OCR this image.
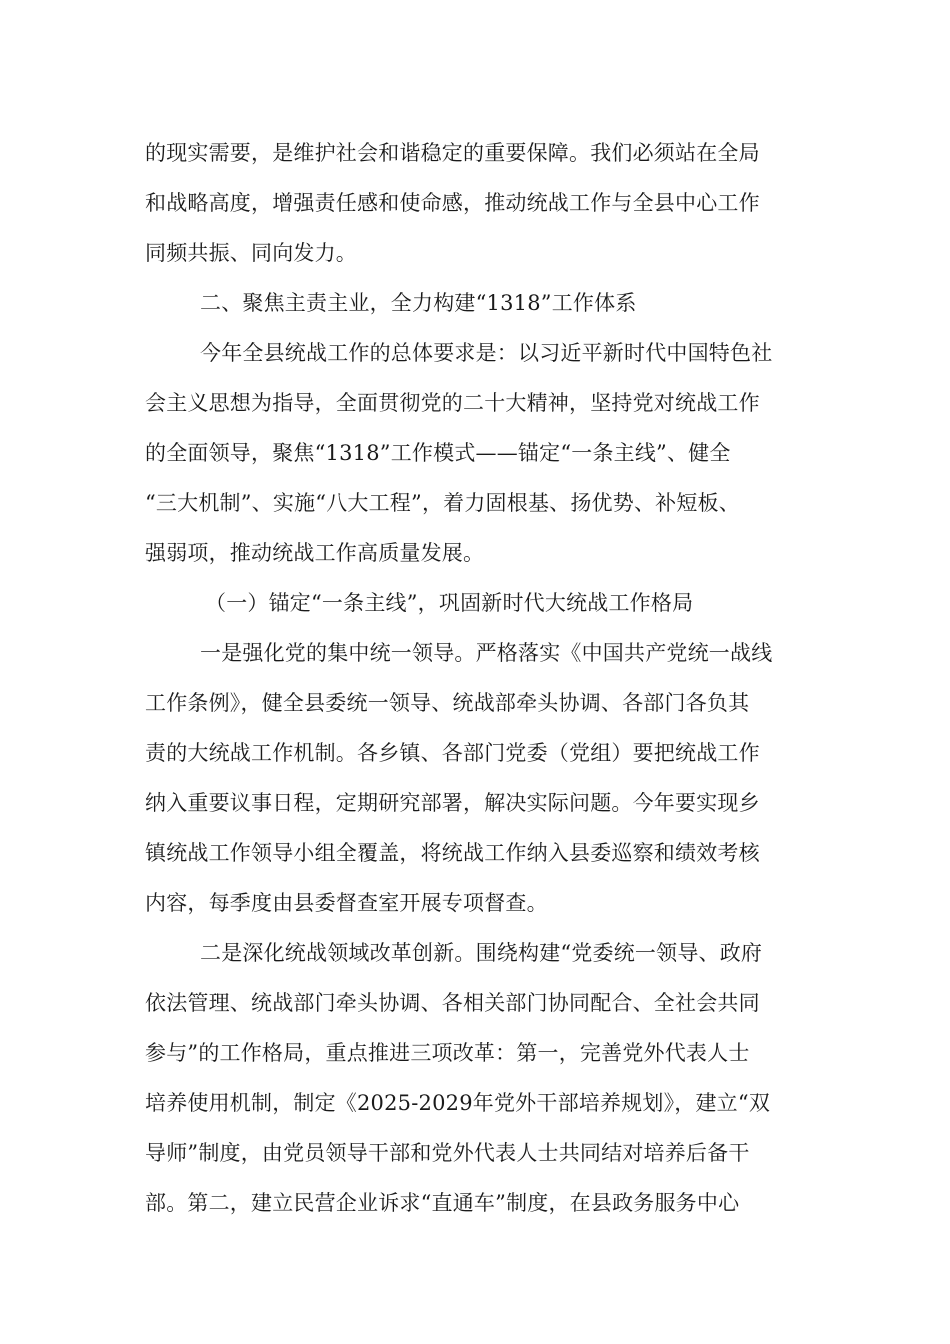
的现实需要，是维护社会和谐稳定的重要保障。我们必须站在全局
和战略高度，增强责任感和使命感，推动统战工作与全县中心工作
同频共振、同向发力。
二、聚焦主责主业，全力构建“1318”工作体系
今年全县统战工作的总体要求是：以习近平新时代中国特色社
会主义思想为指导，全面贯彻党的二十大精神，坚持党对统战工作
的全面领导，聚焦“1318”工作模式——锚定“一条主线”、健全
“三大机制”、实施“八大工程”，着力固根基、扬优势、补短板、
强弱项，推动统战工作高质量发展。
（一）锚定“一条主线”，巩固新时代大统战工作格局
一是强化党的集中统一领导。严格落实《中国共产党统一战线
工作条例》，健全县委统一领导、统战部牵头协调、各部门各负其
责的大统战工作机制。各乡镇、各部门党委（党组）要把统战工作
纳入重要议事日程，定期研究部署，解决实际问题。今年要实现乡
镇统战工作领导小组全覆盖，将统战工作纳入县委巡察和绩效考核
内容，每季度由县委督查室开展专项督查。
二是深化统战领域改革创新。围绕构建“党委统一领导、政府
依法管理、统战部门牵头协调、各相关部门协同配合、全社会共同
参与”的工作格局，重点推进三项改革：第一，完善党外代表人士
培养使用机制，制定《2025-2029年党外干部培养规划》，建立“双
导师”制度，由党员领导干部和党外代表人士共同结对培养后备干
部。第二，建立民营企业诉求“直通车”制度，在县政务服务中心
